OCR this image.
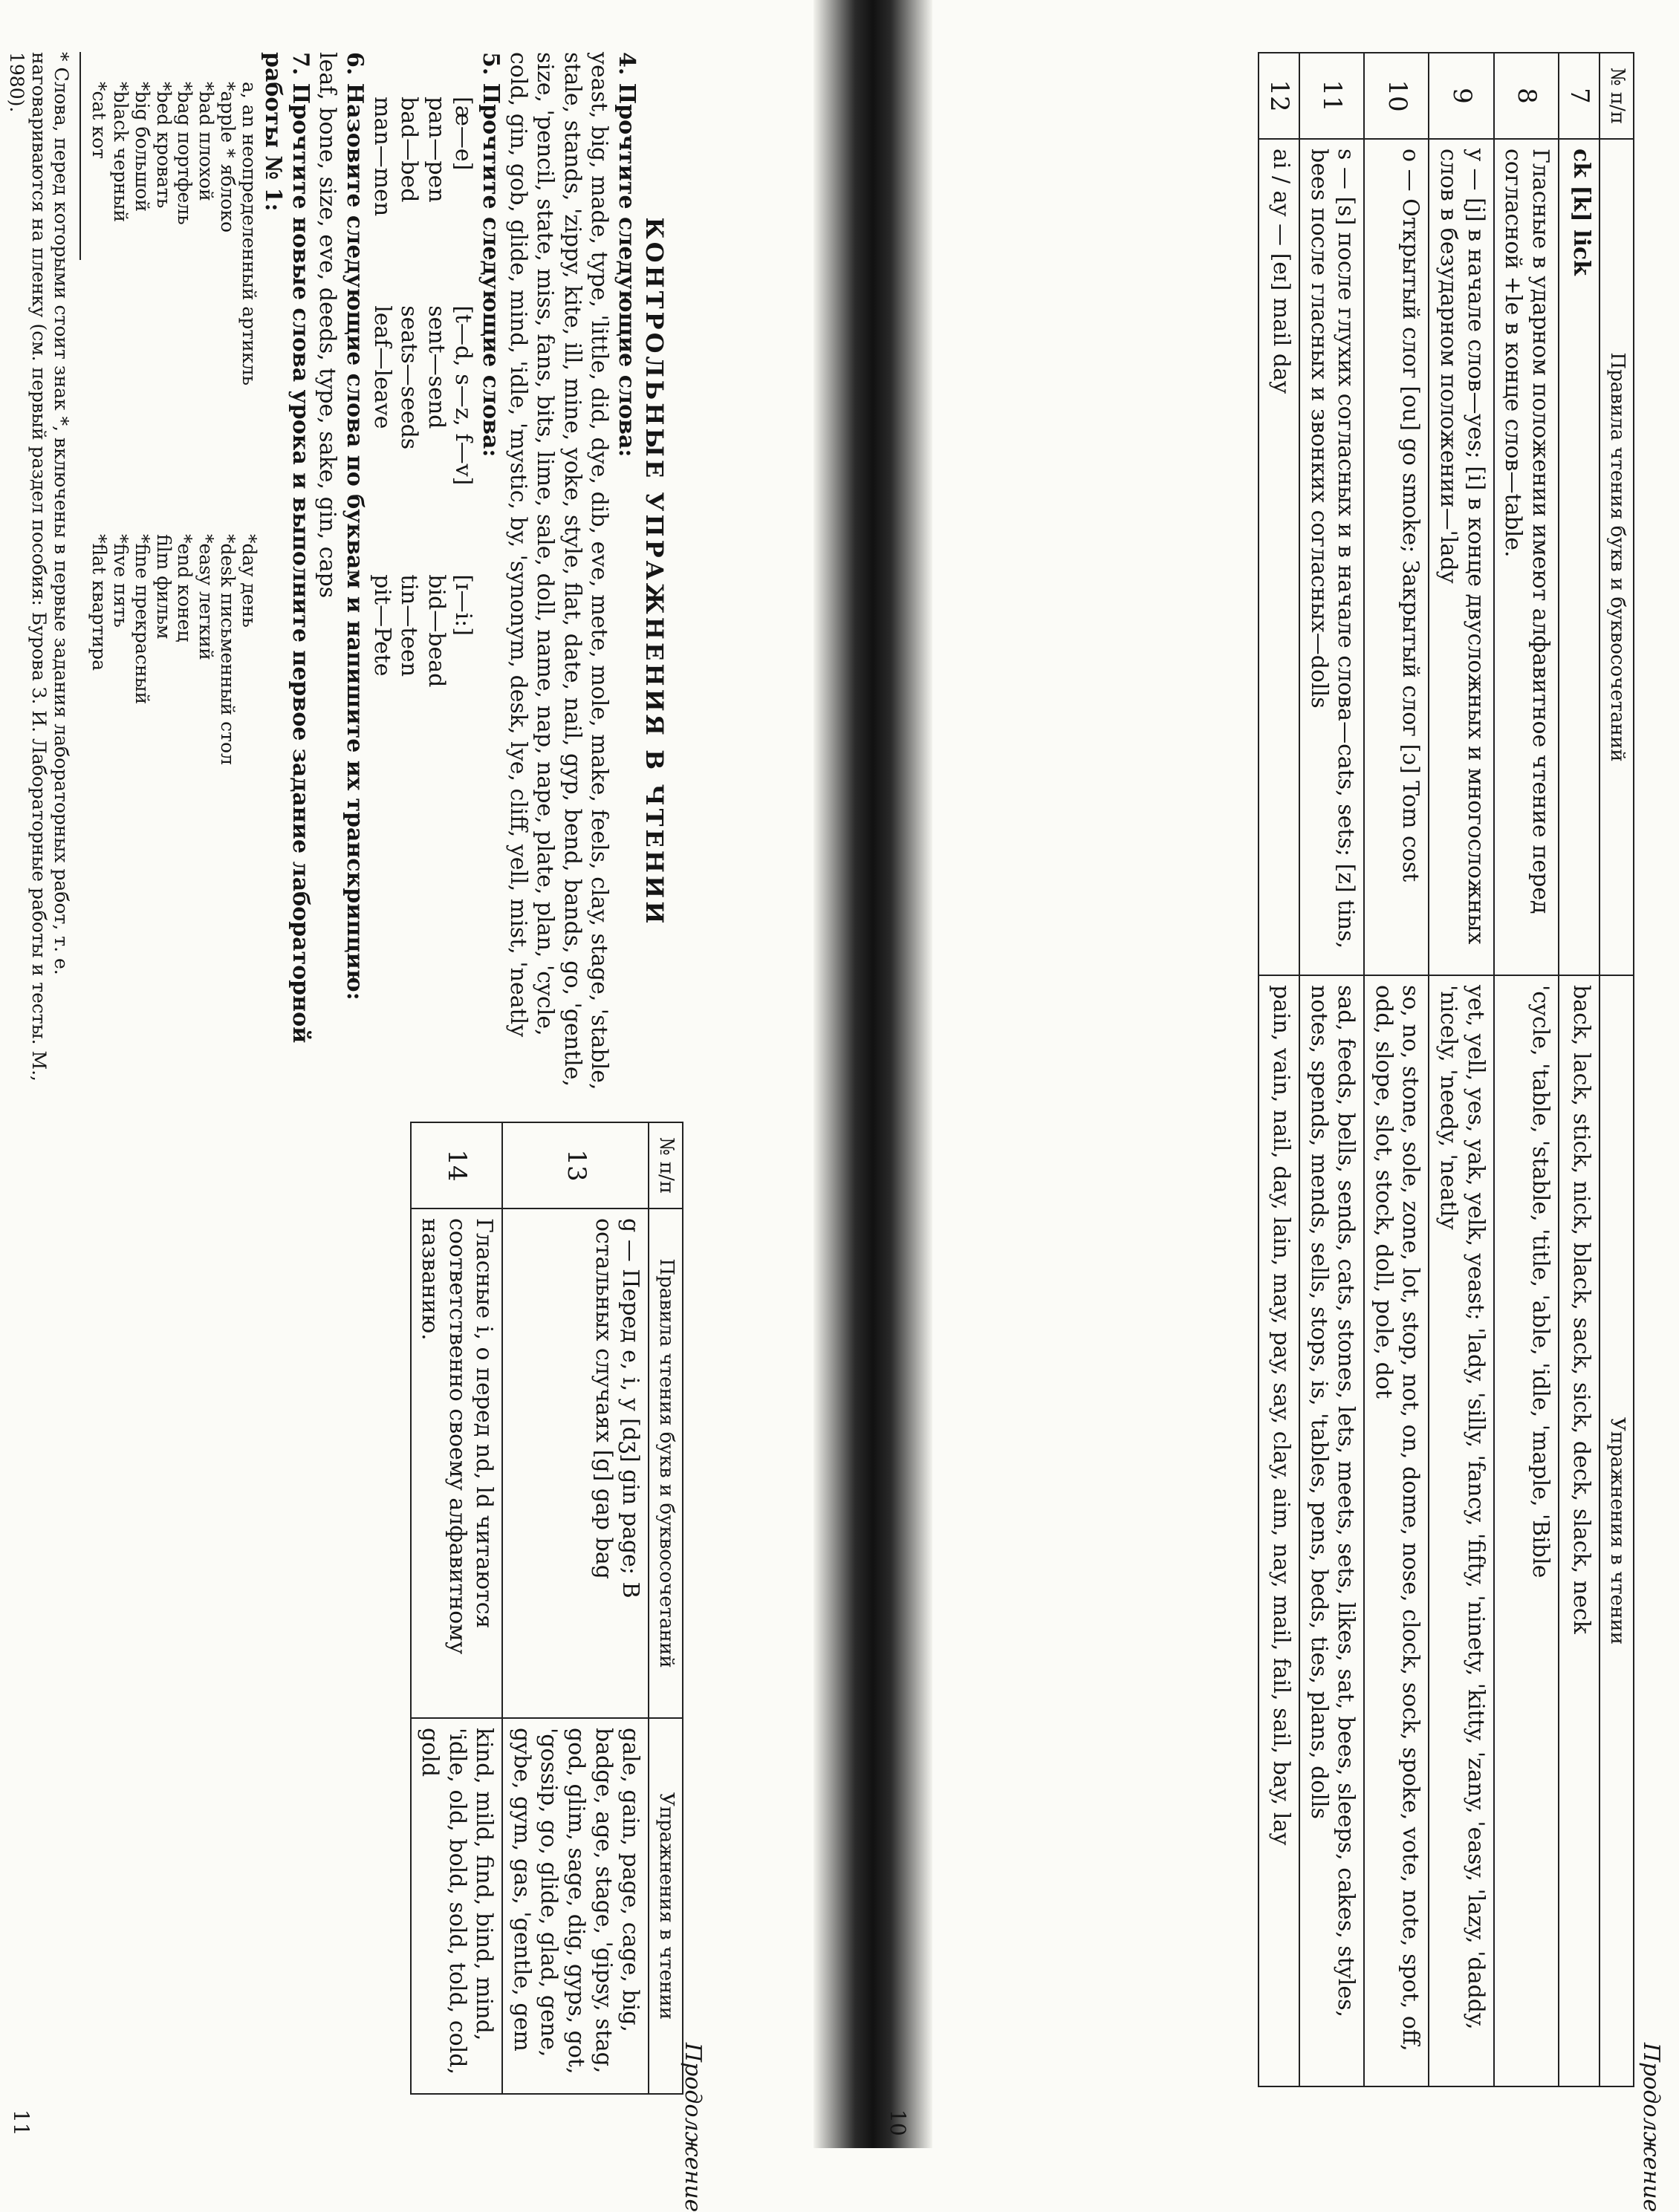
Продолжение
10
№ п/п	Правила чтения букв и буквосочетаний	Упражнения в чтении
7	ck [k] lick	back, lack, stick, nick, black, sack, sick, deck, slack, neck
8	Гласные в ударном положении имеют алфавитное чтение перед согласной +le в конце слов—table.	'cycle, 'table, 'stable, 'title, 'able, 'idle, 'maple, 'Bible
9	y — [j] в начале слов—yes; [i] в конце двусложных и многосложных слов в безударном положении—'lady	yet, yell, yes, yak, yelk, yeast; 'lady, 'silly, 'fancy, 'fifty, 'ninety, 'kitty, 'zany, 'easy, 'lazy, 'daddy, 'nicely, 'needy, 'neatly
10	o — Открытый слог [ou] go smoke; Закрытый слог [ɔ] Tom cost	so, no, stone, sole, zone, lot, stop, not, on, dome, nose, clock, sock, spoke, vote, note, spot, off, odd, slope, slot, stock, doll, pole, dot
11	s — [s] после глухих согласных и в начале слова—cats, sets; [z] tins, bees после гласных и звонких согласных—dolls	sad, feeds, bells, sends, cats, stones, lets, meets, sets, likes, sat, bees, sleeps, cakes, styles, notes, spends, mends, sells, stops, is, 'tables, pens, beds, ties, plans, dolls
12	ai / ay — [eɪ] mail day	pain, vain, nail, day, lain, may, pay, say, clay, aim, nay, mail, fail, sail, bay, lay
Продолжение
11
№ п/п	Правила чтения букв и буквосочетаний	Упражнения в чтении
13	g — Перед e, i, y [dʒ] gin page; В остальных случаях [g] gap bag	gale, gain, page, cage, big, badge, age, stage, 'gipsy, stag, god, glim, sage, dig, gyps, got, 'gossip, go, glide, glad, gene, gybe, gym, gas, 'gentle, gem
14	Гласные i, o перед nd, ld читаются соответственно своему алфавитному названию.	kind, mild, find, bind, mind, 'idle, old, bold, sold, told, cold, gold
КОНТРОЛЬНЫЕ УПРАЖНЕНИЯ В ЧТЕНИИ

4. Прочтите следующие слова:

yeast, big, made, type, 'little, did, dye, dib, eve, mete, mole, make, feels, clay, stage, 'stable, stale, stands, 'zippy, kite, ill, mine, yoke, style, flat, date, nail, gyp, bend, bands, go, 'gentle, size, 'pencil, state, miss, fans, bits, lime, sale, doll, name, nap, nape, plate, plan, 'cycle, cold, gin, gob, glide, mind, 'idle, 'mystic, by, 'synonym, desk, lye, cliff, yell, mist, 'neatly

5. Прочтите следующие слова:

[æ—e]

pan—pen

bad—bed

man—men

[t—d, s—z, f—v]

sent—send

seats—seeds

leaf—leave

[ɪ—i:]

bid—bead

tin—teen

pit—Pete

6. Назовите следующие слова по буквам и напишите их транскрипцию:

leaf, bone, size, eve, deeds, type, sake, gin, caps

7. Прочтите новые слова урока и выполните первое задание лабораторной работы № 1:

a, an неопределенный артикль

*apple * яблоко

*bad плохой

*bag портфель

*bed кровать

*big большой

*black черный

*cat кот

*day день

*desk письменный стол

*easy легкий

*end конец

film фильм

*fine прекрасный

*five пять

*flat квартира

* Слова, перед которыми стоит знак *, включены в первые задания лабораторных работ, т. е. наговариваются на пленку (см. первый раздел пособия: Бурова З. И. Лабораторные работы и тесты. М., 1980).
